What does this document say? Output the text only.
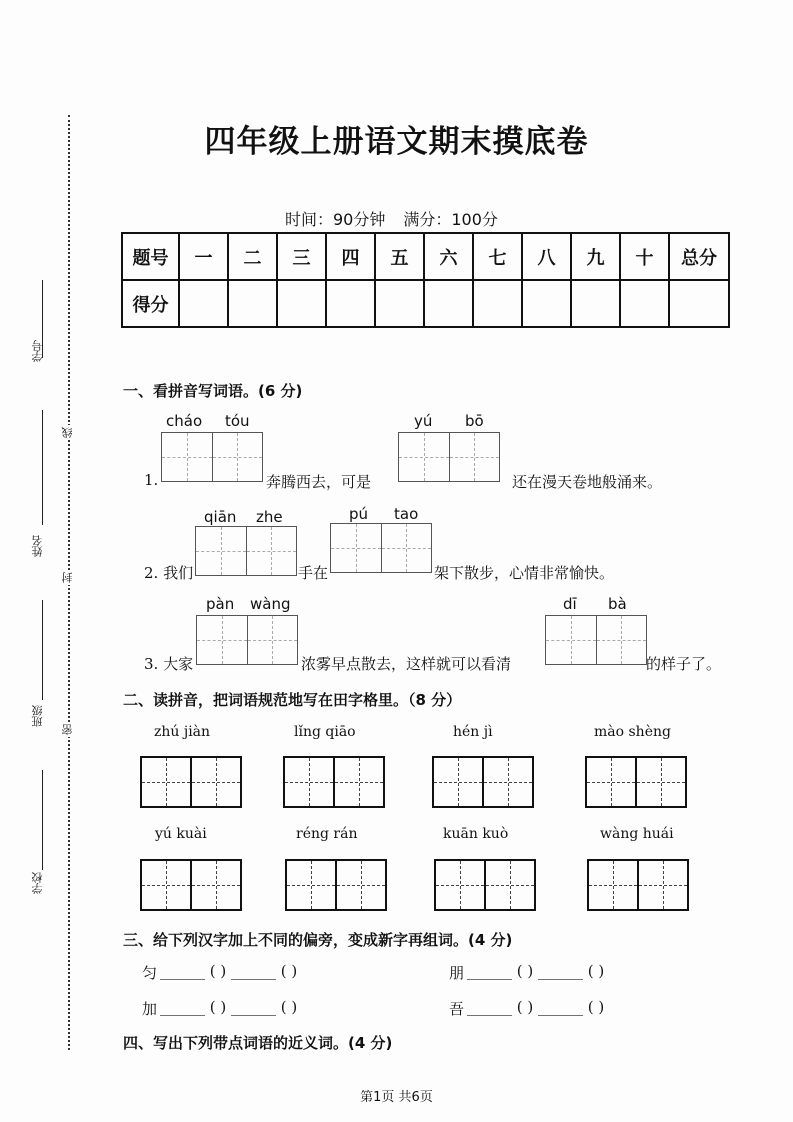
线
封
密
学号
姓名
班级
学校
四年级上册语文期末摸底卷
时间：90分钟 满分：100分
题号	一	二	三	四	五	六	七	八	九	十	总分
得分											
一、看拼音写词语。(6 分)
cháo tóu
1.	奔腾西去，可是
yú bō
还在漫天卷地般涌来。
qiān zhe	pú tao
2. 我们	手在	架下散步，心情非常愉快。
pàn wàng	dī bà
3. 大家	浓雾早点散去，这样就可以看清	的样子了。
二、读拼音，把词语规范地写在田字格里。（8 分）
zhú jiàn	lǐng qiāo	hén jì	mào shèng
yú kuài	réng rán	kuān kuò	wàng huái
三、给下列汉字加上不同的偏旁，变成新字再组词。(4 分)
匀 ______ ( ) ______ ( )	朋 ______ ( ) ______ ( )
加 ______ ( ) ______ ( )	吾 ______ ( ) ______ ( )
四、写出下列带点词语的近义词。(4 分)
第1页 共6页
